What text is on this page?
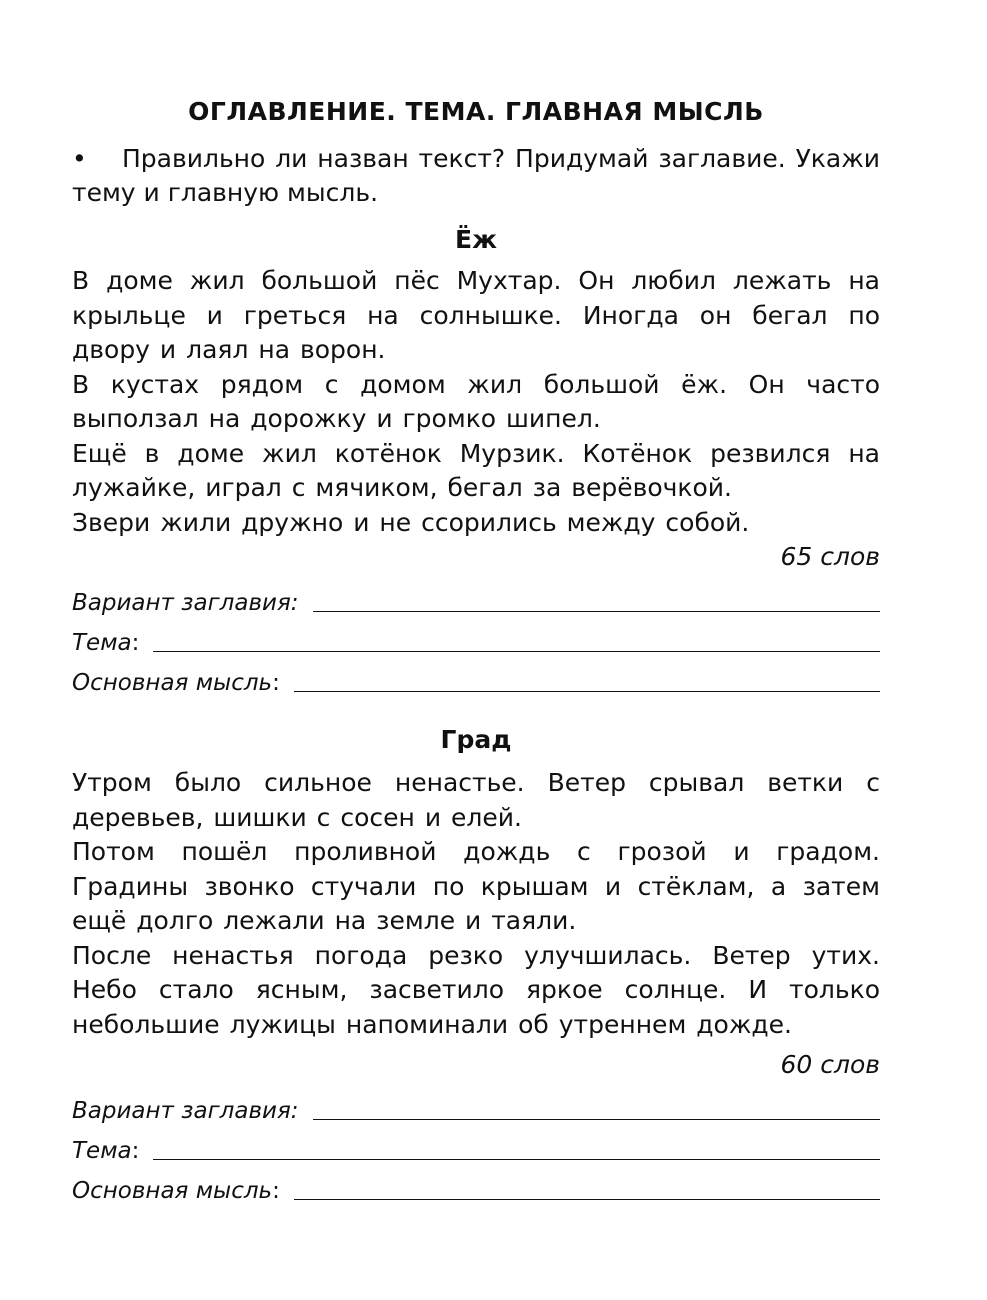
ОГЛАВЛЕНИЕ. ТЕМА. ГЛАВНАЯ МЫСЛЬ

• Правильно ли назван текст? Придумай заглавие. Укажи тему и главную мысль.

Ёж

В доме жил большой пёс Мухтар. Он любил лежать на крыльце и греться на солнышке. Иногда он бегал по двору и лаял на ворон.

В кустах рядом с домом жил большой ёж. Он часто выползал на дорожку и громко шипел.

Ещё в доме жил котёнок Мурзик. Котёнок резвился на лужайке, играл с мячиком, бегал за верёвочкой.

Звери жили дружно и не ссорились между собой.

65 слов
Вариант заглавия:
Тема:
Основная мысль:
Град

Утром было сильное ненастье. Ветер срывал ветки с деревьев, шишки с сосен и елей.

Потом пошёл проливной дождь с грозой и градом. Градины звонко стучали по крышам и стёклам, а затем ещё долго лежали на земле и таяли.

После ненастья погода резко улучшилась. Ветер утих. Небо стало ясным, засветило яркое солнце. И только небольшие лужицы напоминали об утреннем дожде.

60 слов
Вариант заглавия:
Тема:
Основная мысль:
